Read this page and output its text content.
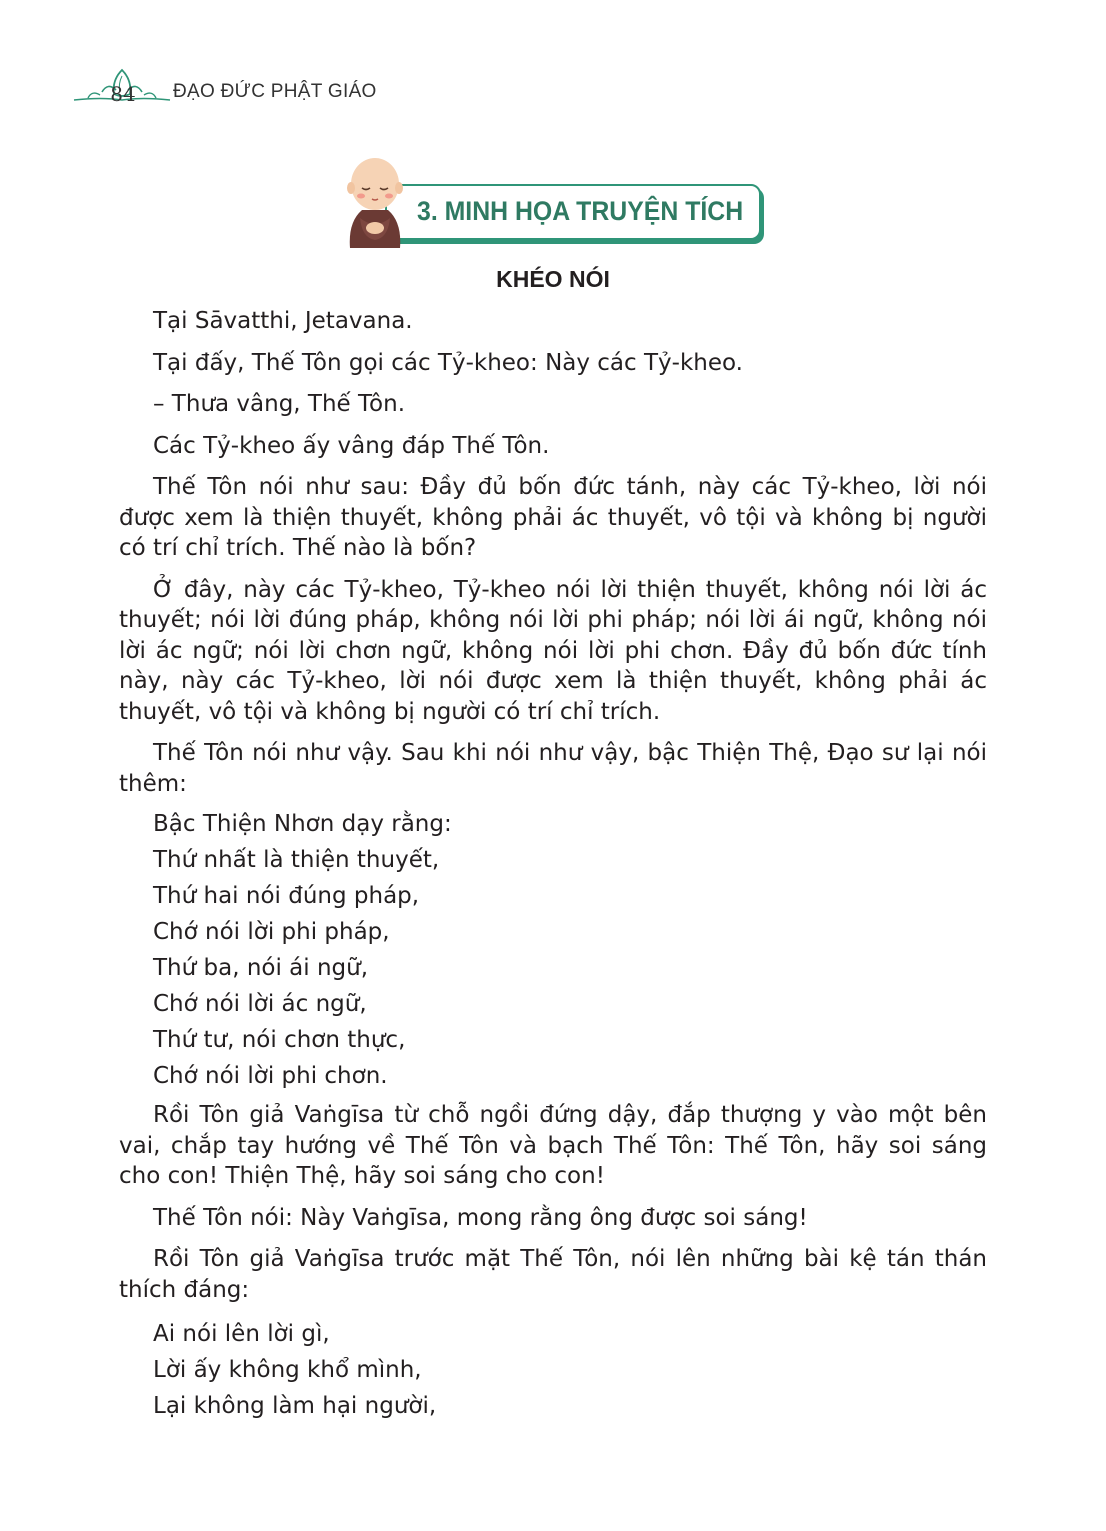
84 ĐẠO ĐỨC PHẬT GIÁO
3. MINH HỌA TRUYỆN TÍCH
KHÉO NÓI

Tại Sāvatthi, Jetavana.

Tại đấy, Thế Tôn gọi các Tỷ-kheo: Này các Tỷ-kheo.

– Thưa vâng, Thế Tôn.

Các Tỷ-kheo ấy vâng đáp Thế Tôn.

Thế Tôn nói như sau: Đầy đủ bốn đức tánh, này các Tỷ-kheo, lời nói được xem là thiện thuyết, không phải ác thuyết, vô tội và không bị người có trí chỉ trích. Thế nào là bốn?

Ở đây, này các Tỷ-kheo, Tỷ-kheo nói lời thiện thuyết, không nói lời ác thuyết; nói lời đúng pháp, không nói lời phi pháp; nói lời ái ngữ, không nói lời ác ngữ; nói lời chơn ngữ, không nói lời phi chơn. Đầy đủ bốn đức tính này, này các Tỷ-kheo, lời nói được xem là thiện thuyết, không phải ác thuyết, vô tội và không bị người có trí chỉ trích.

Thế Tôn nói như vậy. Sau khi nói như vậy, bậc Thiện Thệ, Đạo sư lại nói thêm:

Bậc Thiện Nhơn dạy rằng:

Thứ nhất là thiện thuyết,

Thứ hai nói đúng pháp,

Chớ nói lời phi pháp,

Thứ ba, nói ái ngữ,

Chớ nói lời ác ngữ,

Thứ tư, nói chơn thực,

Chớ nói lời phi chơn.

Rồi Tôn giả Vaṅgīsa từ chỗ ngồi đứng dậy, đắp thượng y vào một bên vai, chắp tay hướng về Thế Tôn và bạch Thế Tôn: Thế Tôn, hãy soi sáng cho con! Thiện Thệ, hãy soi sáng cho con!

Thế Tôn nói: Này Vaṅgīsa, mong rằng ông được soi sáng!

Rồi Tôn giả Vaṅgīsa trước mặt Thế Tôn, nói lên những bài kệ tán thán thích đáng:

Ai nói lên lời gì,

Lời ấy không khổ mình,

Lại không làm hại người,
